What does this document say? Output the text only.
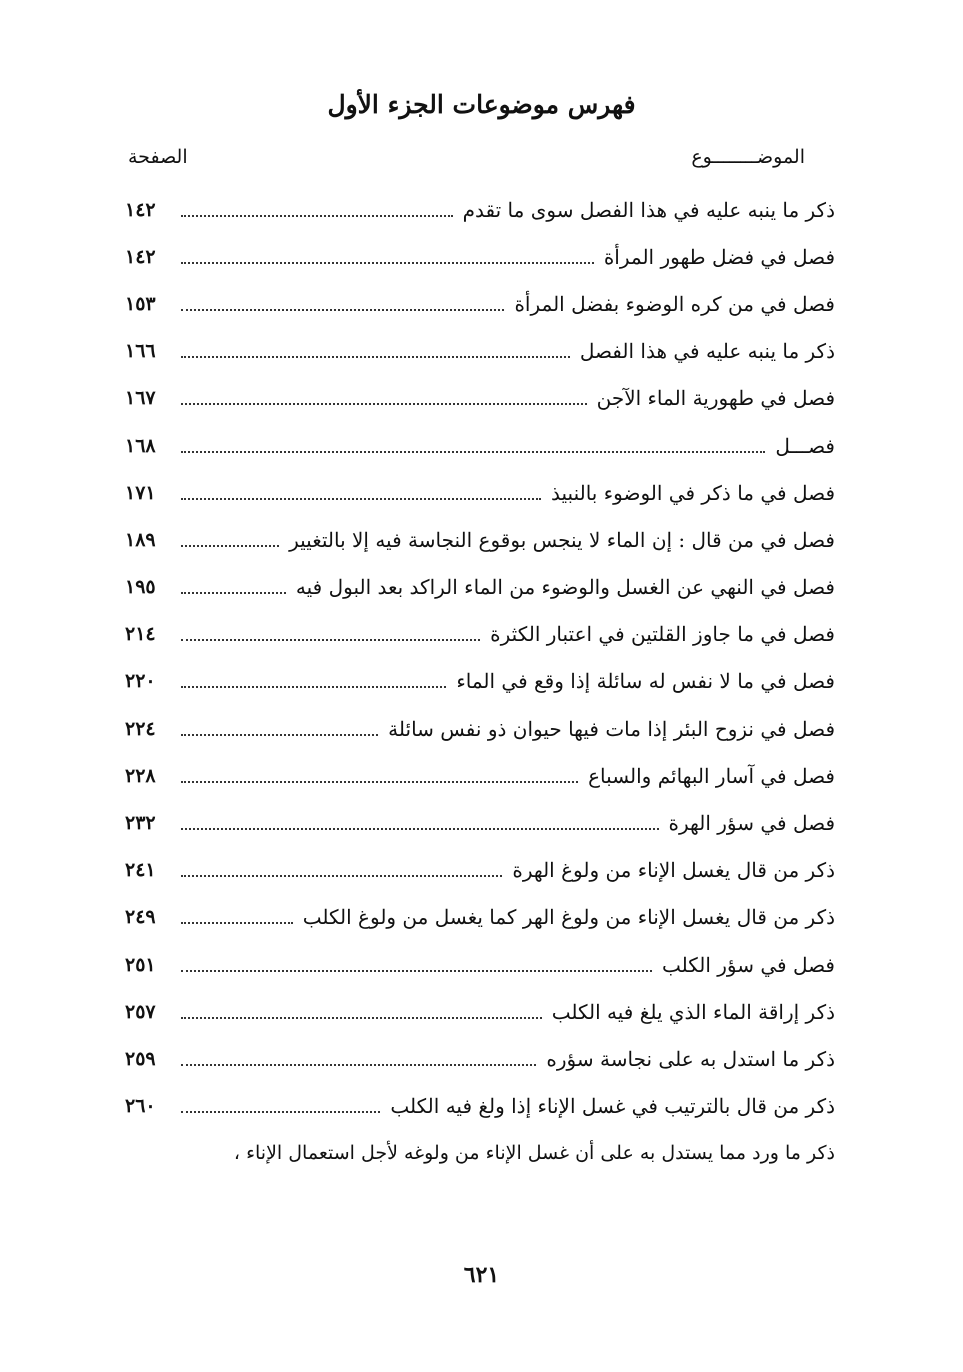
فهرس موضوعات الجزء الأول
الموضــــــــوع
الصفحة
ذكر ما ينبه عليه في هذا الفصل سوى ما تقدم
١٤٢
فصل في فضل طهور المرأة
١٤٢
فصل في من كره الوضوء بفضل المرأة
١٥٣
ذكر ما ينبه عليه في هذا الفصل
١٦٦
فصل في طهورية الماء الآجن
١٦٧
فصـــل
١٦٨
فصل في ما ذكر في الوضوء بالنبيذ
١٧١
فصل في من قال : إن الماء لا ينجس بوقوع النجاسة فيه إلا بالتغيير
١٨٩
فصل في النهي عن الغسل والوضوء من الماء الراكد بعد البول فيه
١٩٥
فصل في ما جاوز القلتين في اعتبار الكثرة
٢١٤
فصل في ما لا نفس له سائلة إذا وقع في الماء
٢٢٠
فصل في نزوح البئر إذا مات فيها حيوان ذو نفس سائلة
٢٢٤
فصل في آسار البهائم والسباع
٢٢٨
فصل في سؤر الهرة
٢٣٢
ذكر من قال يغسل الإناء من ولوغ الهرة
٢٤١
ذكر من قال يغسل الإناء من ولوغ الهر كما يغسل من ولوغ الكلب
٢٤٩
فصل في سؤر الكلب
٢٥١
ذكر إراقة الماء الذي يلغ فيه الكلب
٢٥٧
ذكر ما استدل به على نجاسة سؤره
٢٥٩
ذكر من قال بالترتيب في غسل الإناء إذا ولغ فيه الكلب
٢٦٠
ذكر ما ورد مما يستدل به على أن غسل الإناء من ولوغه لأجل استعمال الإناء ،
٦٢١
